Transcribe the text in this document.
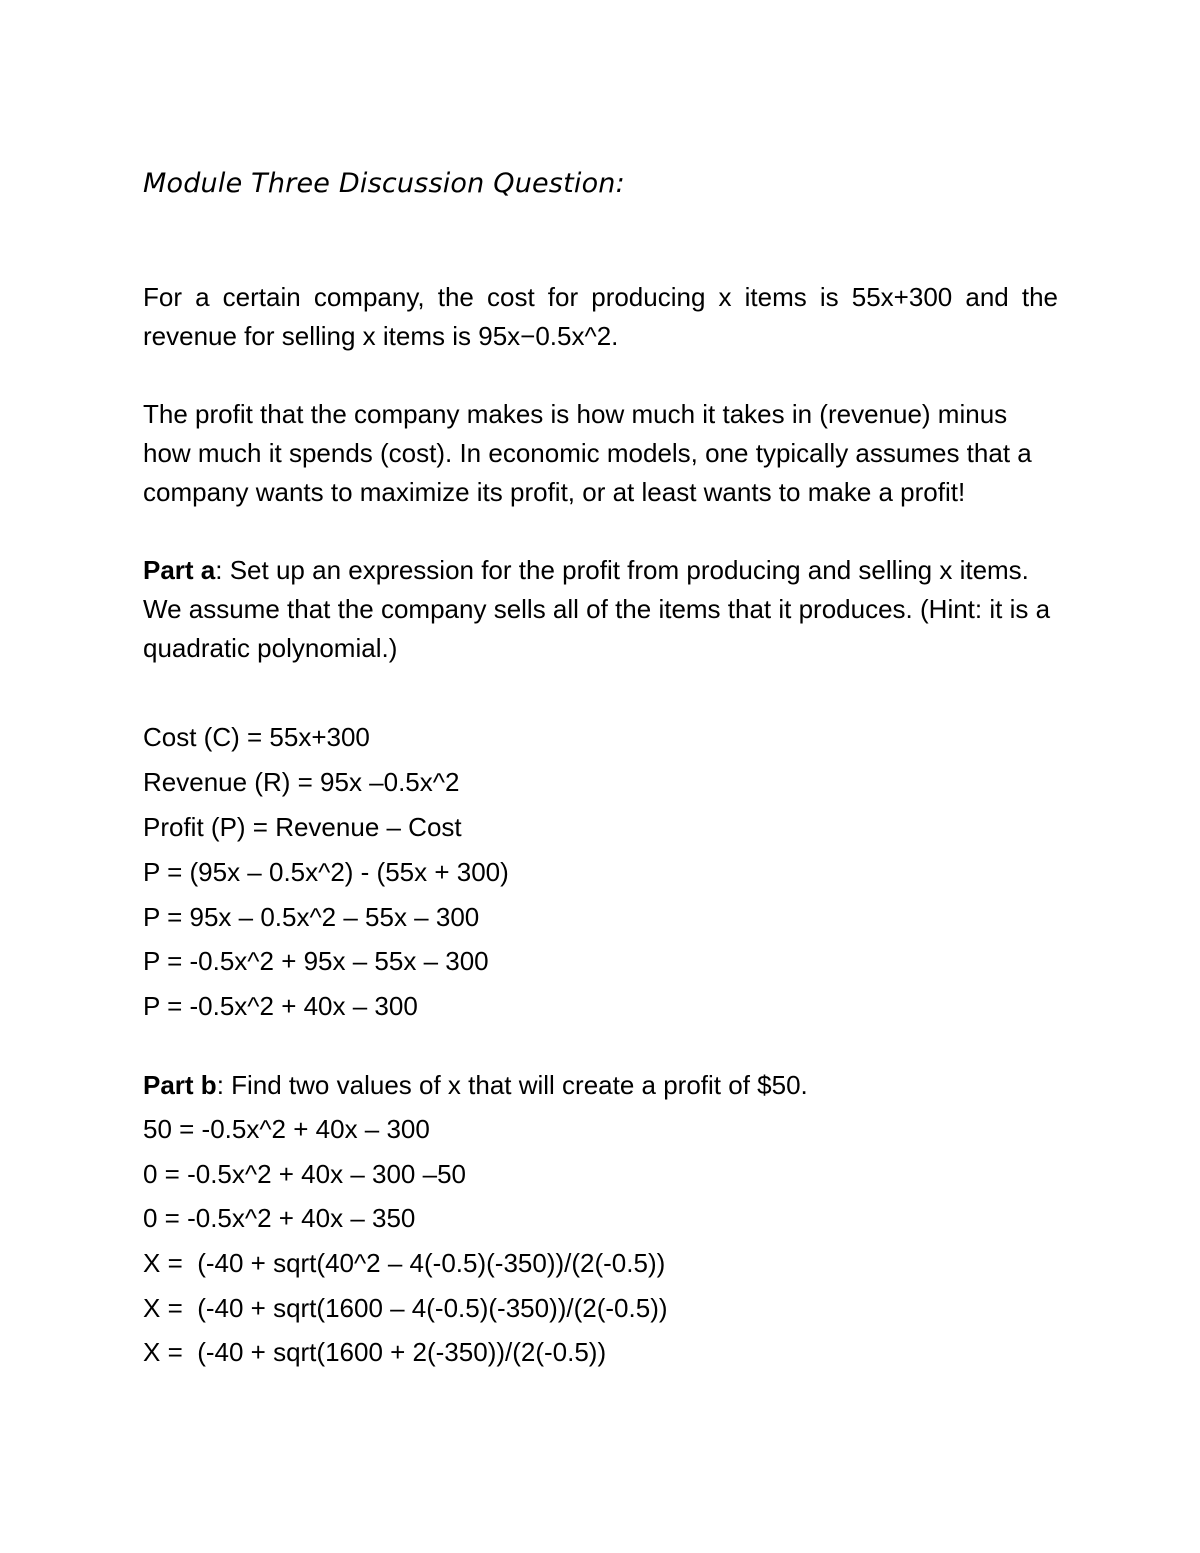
Module Three Discussion Question:

For a certain company, the cost for producing x items is 55x+300 and the revenue for selling x items is 95x−0.5x^2.

The profit that the company makes is how much it takes in (revenue) minus how much it spends (cost). In economic models, one typically assumes that a company wants to maximize its profit, or at least wants to make a profit!

Part a: Set up an expression for the profit from producing and selling x items. We assume that the company sells all of the items that it produces. (Hint: it is a quadratic polynomial.)

Cost (C) = 55x+300
Revenue (R) = 95x –0.5x^2
Profit (P) = Revenue – Cost
P = (95x – 0.5x^2) - (55x + 300)
P = 95x – 0.5x^2 – 55x – 300
P = -0.5x^2 + 95x – 55x – 300
P = -0.5x^2 + 40x – 300
Part b: Find two values of x that will create a profit of $50.
50 = -0.5x^2 + 40x – 300
0 = -0.5x^2 + 40x – 300 –50
0 = -0.5x^2 + 40x – 350
X =  (-40 + sqrt(40^2 – 4(-0.5)(-350))/(2(-0.5))
X =  (-40 + sqrt(1600 – 4(-0.5)(-350))/(2(-0.5))
X =  (-40 + sqrt(1600 + 2(-350))/(2(-0.5))
